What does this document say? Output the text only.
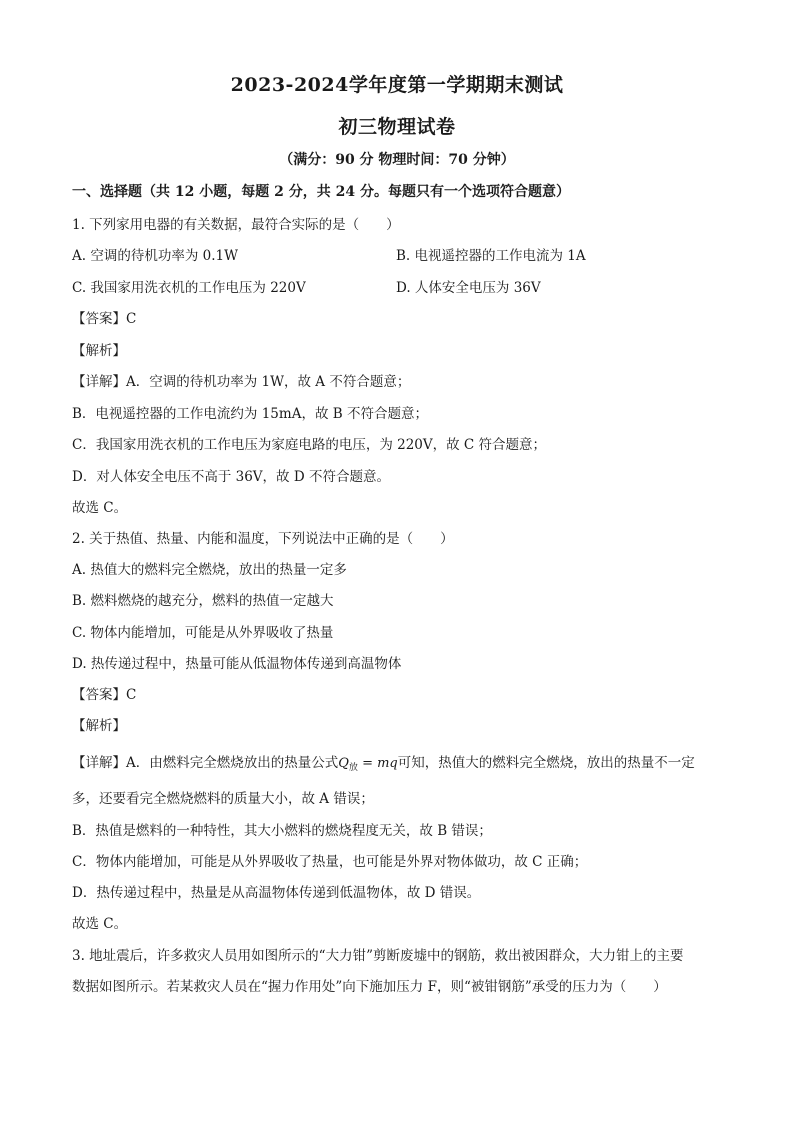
2023-2024学年度第一学期期末测试
初三物理试卷
（满分：90 分 物理时间：70 分钟）
一、选择题（共 12 小题，每题 2 分，共 24 分。每题只有一个选项符合题意）
1. 下列家用电器的有关数据，最符合实际的是（　　）
A. 空调的待机功率为 0.1W	B. 电视遥控器的工作电流为 1A
C. 我国家用洗衣机的工作电压为 220V	D. 人体安全电压为 36V
【答案】C
【解析】
【详解】A．空调的待机功率为 1W，故 A 不符合题意；
B．电视遥控器的工作电流约为 15mA，故 B 不符合题意；
C．我国家用洗衣机的工作电压为家庭电路的电压，为 220V，故 C 符合题意；
D．对人体安全电压不高于 36V，故 D 不符合题意。
故选 C。
2. 关于热值、热量、内能和温度，下列说法中正确的是（　　）
A. 热值大的燃料完全燃烧，放出的热量一定多
B. 燃料燃烧的越充分，燃料的热值一定越大
C. 物体内能增加，可能是从外界吸收了热量
D. 热传递过程中，热量可能从低温物体传递到高温物体
【答案】C
【解析】
【详解】A．由燃料完全燃烧放出的热量公式$Q_放$ = mq可知，热值大的燃料完全燃烧，放出的热量不一定
多，还要看完全燃烧燃料的质量大小，故 A 错误；
B．热值是燃料的一种特性，其大小燃料的燃烧程度无关，故 B 错误；
C．物体内能增加，可能是从外界吸收了热量，也可能是外界对物体做功，故 C 正确；
D．热传递过程中，热量是从高温物体传递到低温物体，故 D 错误。
故选 C。
3. 地址震后，许多救灾人员用如图所示的“大力钳”剪断废墟中的钢筋，救出被困群众，大力钳上的主要
数据如图所示。若某救灾人员在“握力作用处”向下施加压力 F，则“被钳钢筋”承受的压力为（　　）
